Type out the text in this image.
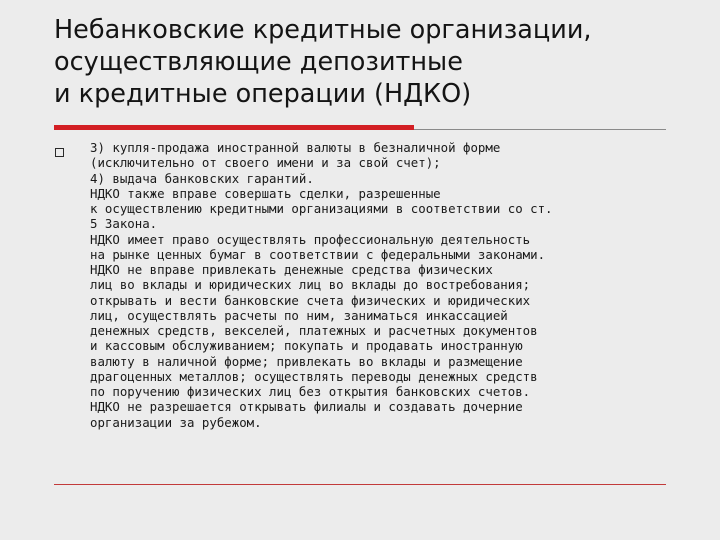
Небанковские кредитные организации,
осуществляющие депозитные
и кредитные операции (НДКО)
3) купля-продажа иностранной валюты в безналичной форме
(исключительно от своего имени и за свой счет);
4) выдача банковских гарантий.
НДКО также вправе совершать сделки, разрешенные
к осуществлению кредитными организациями в соответствии со ст.
5 Закона.
НДКО имеет право осуществлять профессиональную деятельность
на рынке ценных бумаг в соответствии с федеральными законами.
НДКО не вправе привлекать денежные средства физических
лиц во вклады и юридических лиц во вклады до востребования;
открывать и вести банковские счета физических и юридических
лиц, осуществлять расчеты по ним, заниматься инкассацией
денежных средств, векселей, платежных и расчетных документов
и кассовым обслуживанием; покупать и продавать иностранную
валюту в наличной форме; привлекать во вклады и размещение
драгоценных металлов; осуществлять переводы денежных средств
по поручению физических лиц без открытия банковских счетов.
НДКО не разрешается открывать филиалы и создавать дочерние
организации за рубежом.
